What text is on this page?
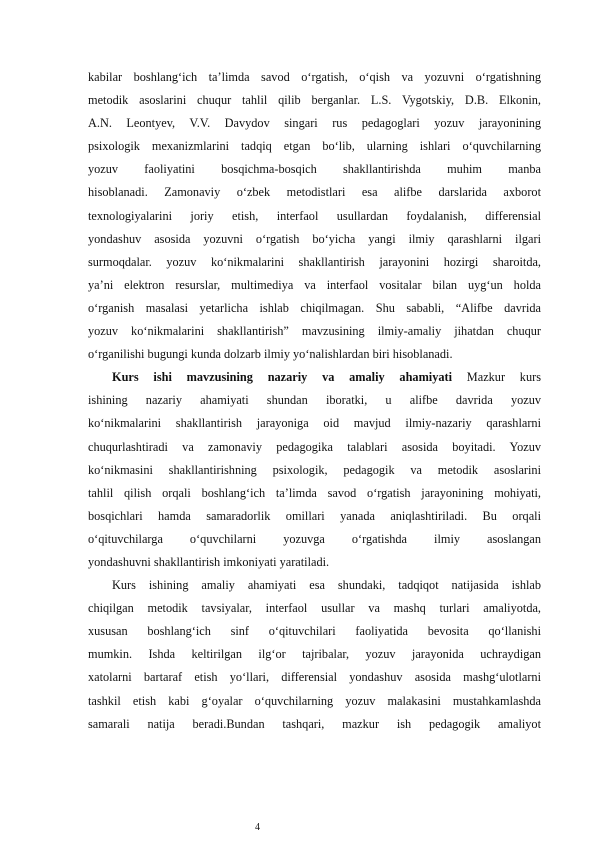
kabilar boshlang‘ich ta’limda savod o‘rgatish, o‘qish va yozuvni o‘rgatishning
metodik asoslarini chuqur tahlil qilib berganlar. L.S. Vygotskiy, D.B. Elkonin,
A.N. Leontyev, V.V. Davydov singari rus pedagoglari yozuv jarayonining
psixologik mexanizmlarini tadqiq etgan bo‘lib, ularning ishlari o‘quvchilarning
yozuv faoliyatini bosqichma-bosqich shakllantirishda muhim manba
hisoblanadi. Zamonaviy o‘zbek metodistlari esa alifbe darslarida axborot
texnologiyalarini joriy etish, interfaol usullardan foydalanish, differensial
yondashuv asosida yozuvni o‘rgatish bo‘yicha yangi ilmiy qarashlarni ilgari
surmoqdalar. yozuv ko‘nikmalarini shakllantirish jarayonini hozirgi sharoitda,
ya’ni elektron resurslar, multimediya va interfaol vositalar bilan uyg‘un holda
o‘rganish masalasi yetarlicha ishlab chiqilmagan. Shu sababli, “Alifbe davrida
yozuv ko‘nikmalarini shakllantirish” mavzusining ilmiy-amaliy jihatdan chuqur
o‘rganilishi bugungi kunda dolzarb ilmiy yo‘nalishlardan biri hisoblanadi.
Kurs ishi mavzusining nazariy va amaliy ahamiyati Mazkur kurs
ishining nazariy ahamiyati shundan iboratki, u alifbe davrida yozuv
ko‘nikmalarini shakllantirish jarayoniga oid mavjud ilmiy-nazariy qarashlarni
chuqurlashtiradi va zamonaviy pedagogika talablari asosida boyitadi. Yozuv
ko‘nikmasini shakllantirishning psixologik, pedagogik va metodik asoslarini
tahlil qilish orqali boshlang‘ich ta’limda savod o‘rgatish jarayonining mohiyati,
bosqichlari hamda samaradorlik omillari yanada aniqlashtiriladi. Bu orqali
o‘qituvchilarga o‘quvchilarni yozuvga o‘rgatishda ilmiy asoslangan
yondashuvni shakllantirish imkoniyati yaratiladi.
Kurs ishining amaliy ahamiyati esa shundaki, tadqiqot natijasida ishlab
chiqilgan metodik tavsiyalar, interfaol usullar va mashq turlari amaliyotda,
xususan boshlang‘ich sinf o‘qituvchilari faoliyatida bevosita qo‘llanishi
mumkin. Ishda keltirilgan ilg‘or tajribalar, yozuv jarayonida uchraydigan
xatolarni bartaraf etish yo‘llari, differensial yondashuv asosida mashg‘ulotlarni
tashkil etish kabi g‘oyalar o‘quvchilarning yozuv malakasini mustahkamlashda
samarali natija beradi.Bundan tashqari, mazkur ish pedagogik amaliyot
4
